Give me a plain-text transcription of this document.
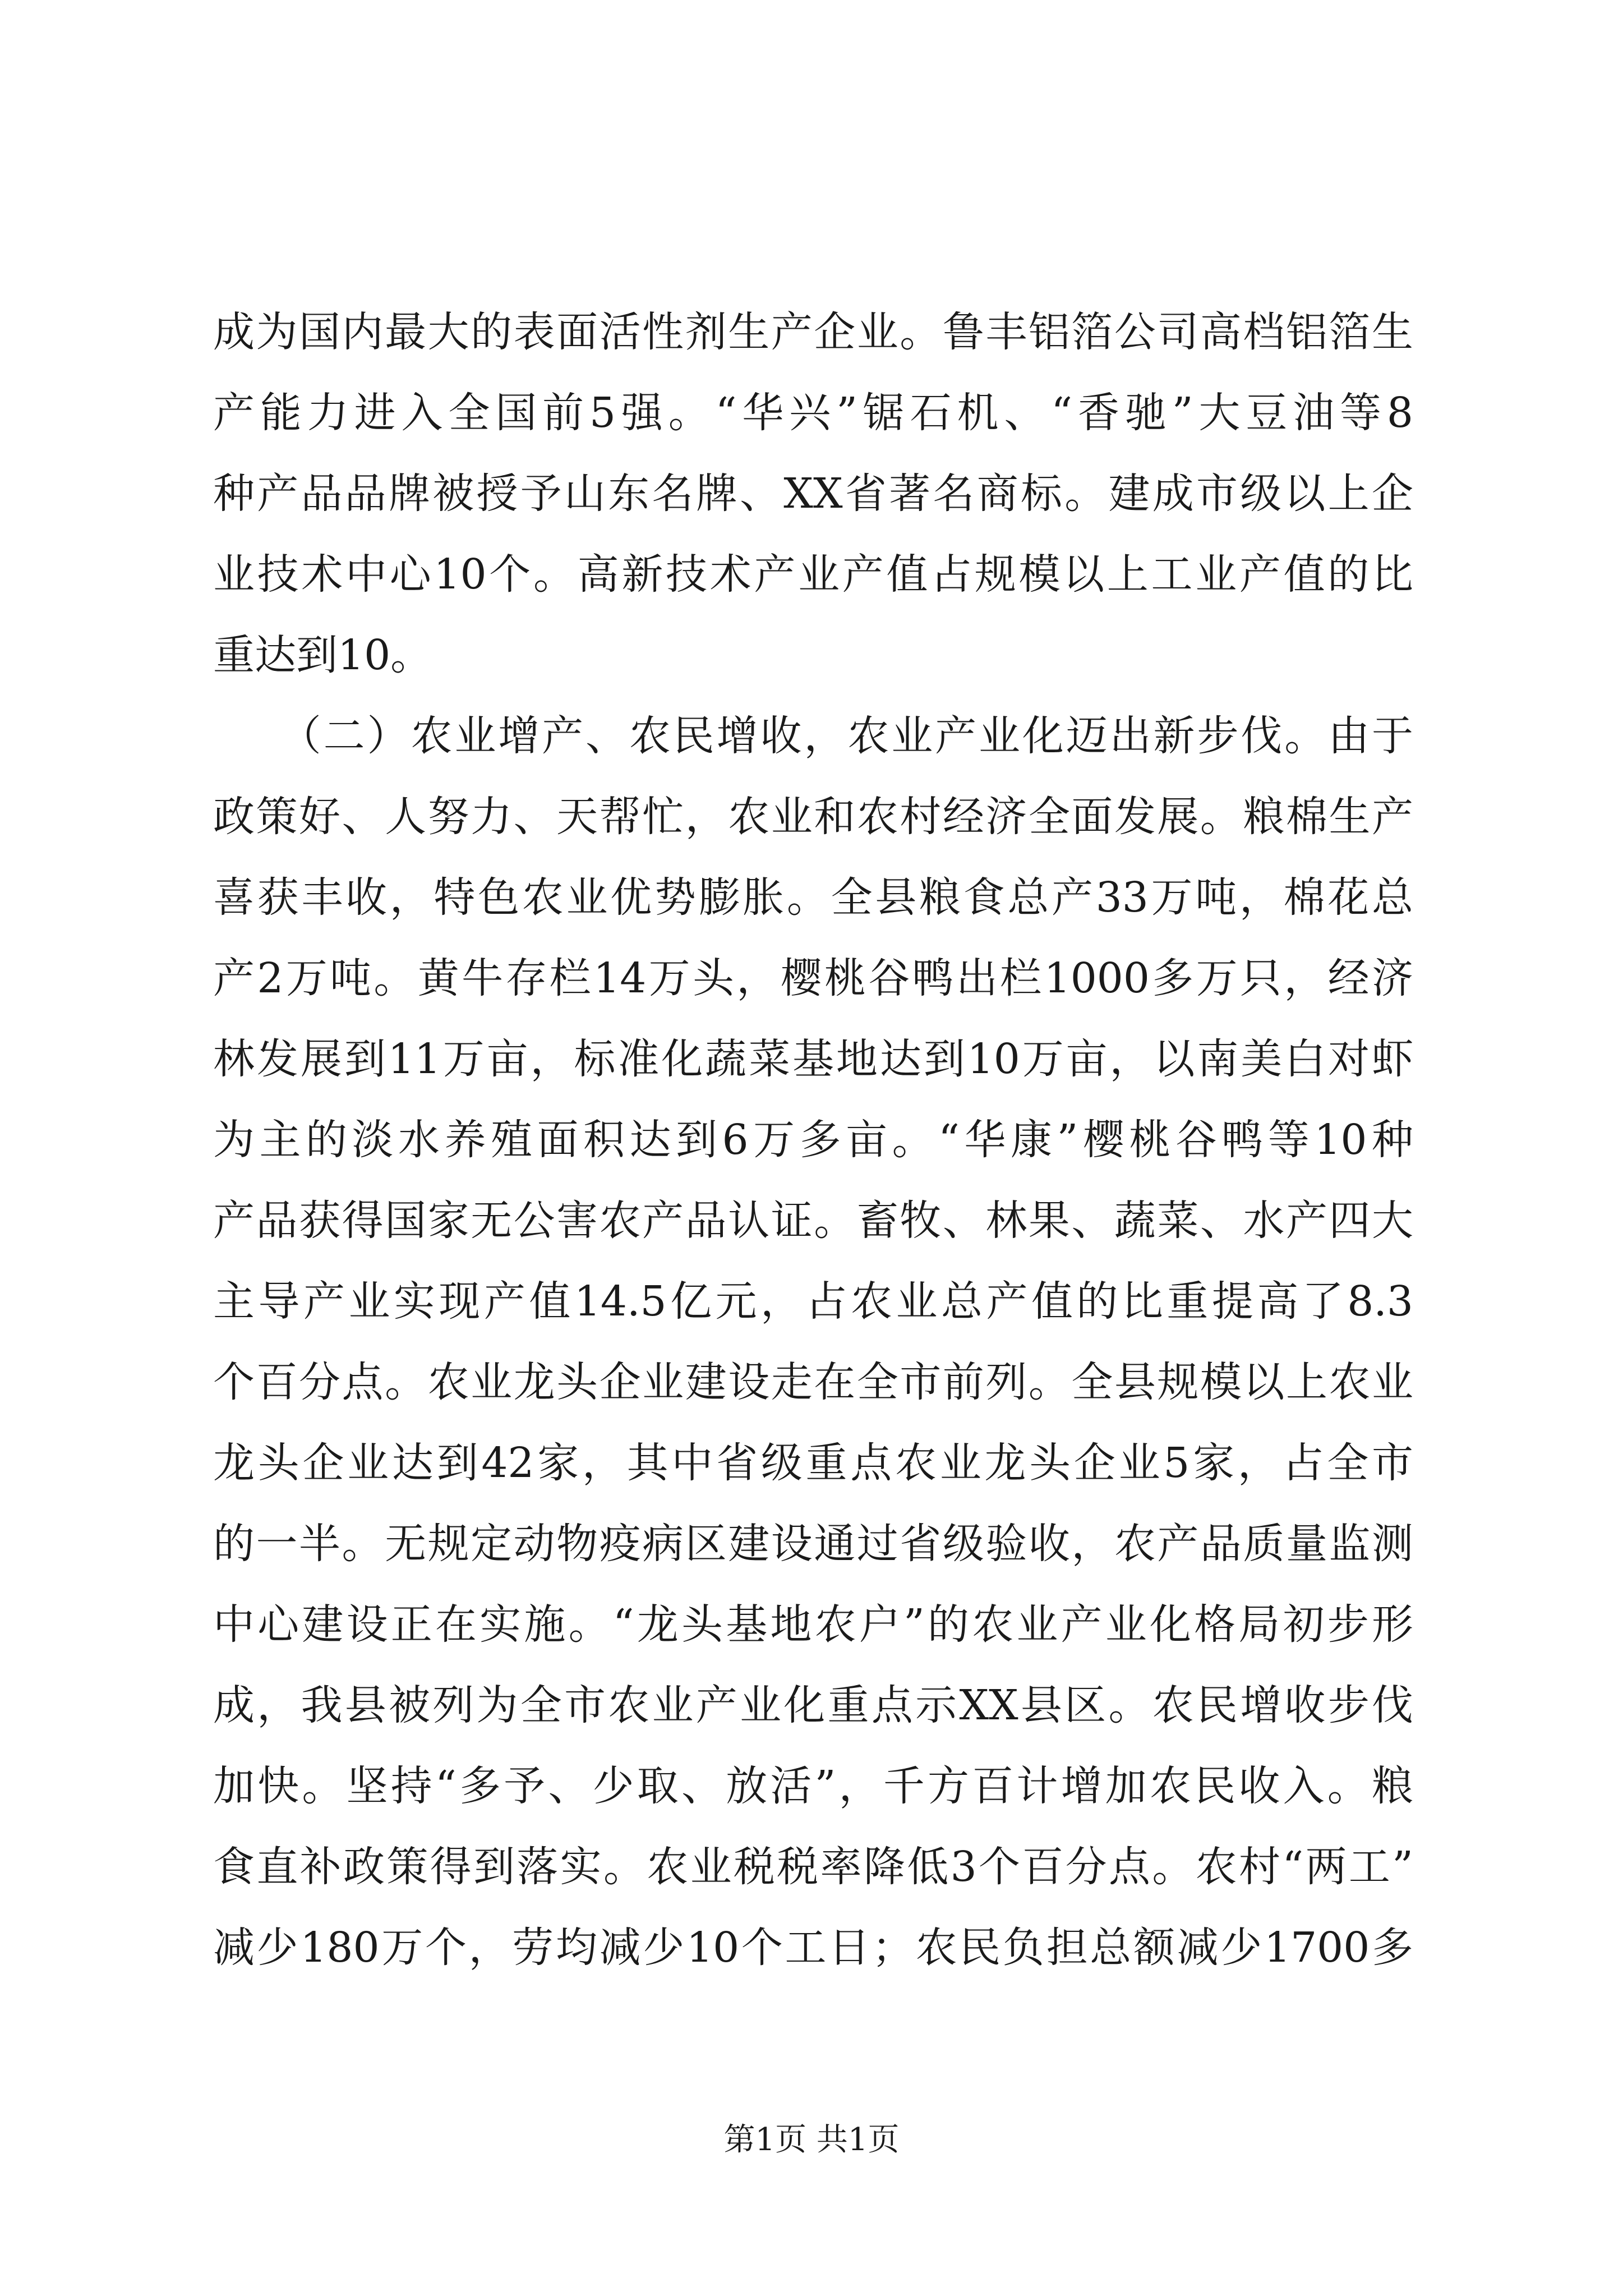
成为国内最大的表面活性剂生产企业。鲁丰铝箔公司高档铝箔生
产能力进入全国前5强。“华兴”锯石机、“香驰”大豆油等8
种产品品牌被授予山东名牌、XX省著名商标。建成市级以上企
业技术中心10个。高新技术产业产值占规模以上工业产值的比
重达到10。
　　（二）农业增产、农民增收，农业产业化迈出新步伐。由于
政策好、人努力、天帮忙，农业和农村经济全面发展。粮棉生产
喜获丰收，特色农业优势膨胀。全县粮食总产33万吨，棉花总
产2万吨。黄牛存栏14万头，樱桃谷鸭出栏1000多万只，经济
林发展到11万亩，标准化蔬菜基地达到10万亩，以南美白对虾
为主的淡水养殖面积达到6万多亩。“华康”樱桃谷鸭等10种
产品获得国家无公害农产品认证。畜牧、林果、蔬菜、水产四大
主导产业实现产值14.5亿元，占农业总产值的比重提高了8.3
个百分点。农业龙头企业建设走在全市前列。全县规模以上农业
龙头企业达到42家，其中省级重点农业龙头企业5家，占全市
的一半。无规定动物疫病区建设通过省级验收，农产品质量监测
中心建设正在实施。“龙头基地农户”的农业产业化格局初步形
成，我县被列为全市农业产业化重点示XX县区。农民增收步伐
加快。坚持“多予、少取、放活”，千方百计增加农民收入。粮
食直补政策得到落实。农业税税率降低3个百分点。农村“两工”
减少180万个，劳均减少10个工日；农民负担总额减少1700多
第1页 共1页
